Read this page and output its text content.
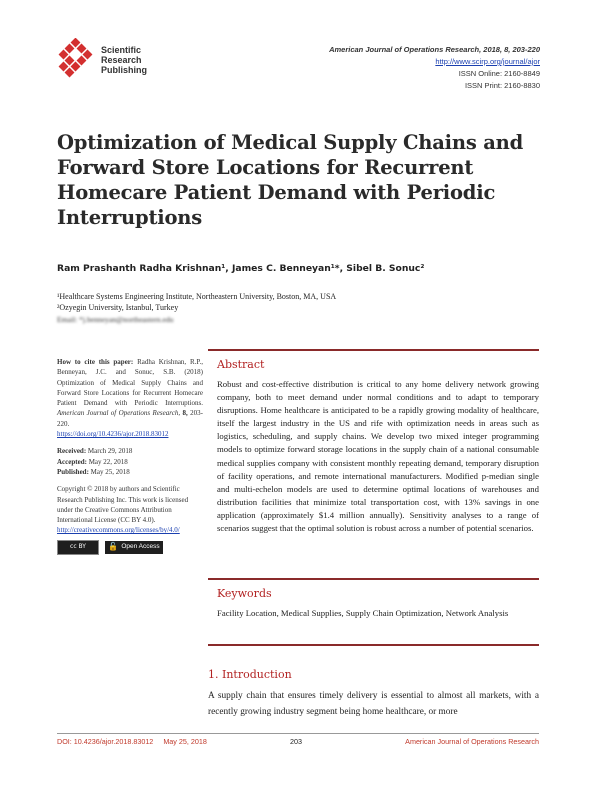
Scientific
Research
Publishing
American Journal of Operations Research, 2018, 8, 203-220
http://www.scirp.org/journal/ajor
ISSN Online: 2160-8849
ISSN Print: 2160-8830
Optimization of Medical Supply Chains and Forward Store Locations for Recurrent Homecare Patient Demand with Periodic Interruptions
Ram Prashanth Radha Krishnan¹, James C. Benneyan¹*, Sibel B. Sonuc²
¹Healthcare Systems Engineering Institute, Northeastern University, Boston, MA, USA
²Ozyegin University, Istanbul, Turkey
Email: *j.benneyan@northeastern.edu
How to cite this paper: Radha Krishnan, R.P., Benneyan, J.C. and Sonuc, S.B. (2018) Optimization of Medical Supply Chains and Forward Store Locations for Recurrent Homecare Patient Demand with Periodic Interruptions. American Journal of Operations Research, 8, 203-220.
https://doi.org/10.4236/ajor.2018.83012
Received: March 29, 2018
Accepted: May 22, 2018
Published: May 25, 2018
Copyright © 2018 by authors and Scientific Research Publishing Inc. This work is licensed under the Creative Commons Attribution International License (CC BY 4.0).
http://creativecommons.org/licenses/by/4.0/
cc BY	🔓 Open Access
Abstract
Robust and cost-effective distribution is critical to any home delivery network growing company, both to meet demand under normal conditions and to adapt to temporary disruptions. Home healthcare is anticipated to be a rapidly growing modality of healthcare, itself the largest industry in the US and rife with optimization needs in areas such as logistics, scheduling, and supply chains. We develop two mixed integer programming models to optimize forward storage locations in the supply chain of a national consumable medical supplies company with consistent monthly repeating demand, temporary disruption of facility operations, and remote international manufacturers. Modified p-median single and multi-echelon models are used to determine optimal locations of warehouses and distribution facilities that minimize total transportation cost, with 13% savings in one application (approximately $1.4 million annually). Sensitivity analyses to a range of scenarios suggest that the optimal solution is robust across a number of potential scenarios.
Keywords
Facility Location, Medical Supplies, Supply Chain Optimization, Network Analysis
1. Introduction
A supply chain that ensures timely delivery is essential to almost all markets, with a recently growing industry segment being home healthcare, or more
DOI: 10.4236/ajor.2018.83012 May 25, 2018	203	American Journal of Operations Research
